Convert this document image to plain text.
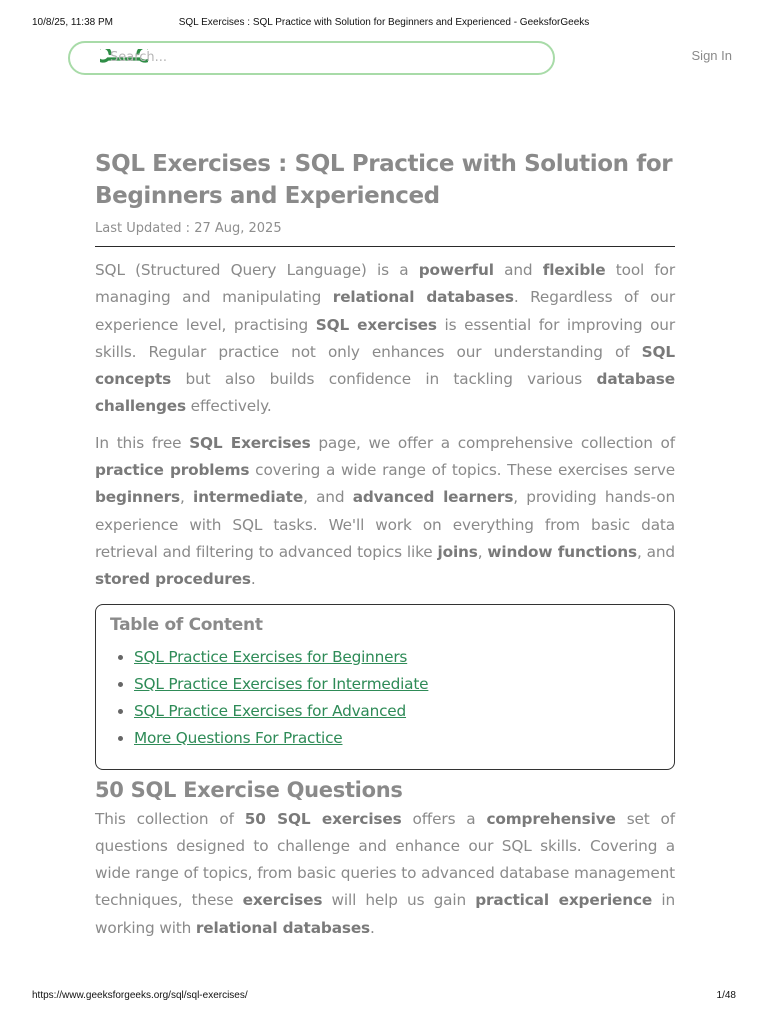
10/8/25, 11:38 PM	SQL Exercises : SQL Practice with Solution for Beginners and Experienced - GeeksforGeeks
Search...	Sign In
SQL Exercises : SQL Practice with Solution for Beginners and Experienced
Last Updated : 27 Aug, 2025

SQL (Structured Query Language) is a powerful and flexible tool for managing and manipulating relational databases. Regardless of our experience level, practising SQL exercises is essential for improving our skills. Regular practice not only enhances our understanding of SQL concepts but also builds confidence in tackling various database challenges effectively.

In this free SQL Exercises page, we offer a comprehensive collection of practice problems covering a wide range of topics. These exercises serve beginners, intermediate, and advanced learners, providing hands-on experience with SQL tasks. We'll work on everything from basic data retrieval and filtering to advanced topics like joins, window functions, and stored procedures.

Table of Content
SQL Practice Exercises for Beginners
SQL Practice Exercises for Intermediate
SQL Practice Exercises for Advanced
More Questions For Practice
50 SQL Exercise Questions

This collection of 50 SQL exercises offers a comprehensive set of questions designed to challenge and enhance our SQL skills. Covering a wide range of topics, from basic queries to advanced database management techniques, these exercises will help us gain practical experience in working with relational databases.

https://www.geeksforgeeks.org/sql/sql-exercises/	1/48
